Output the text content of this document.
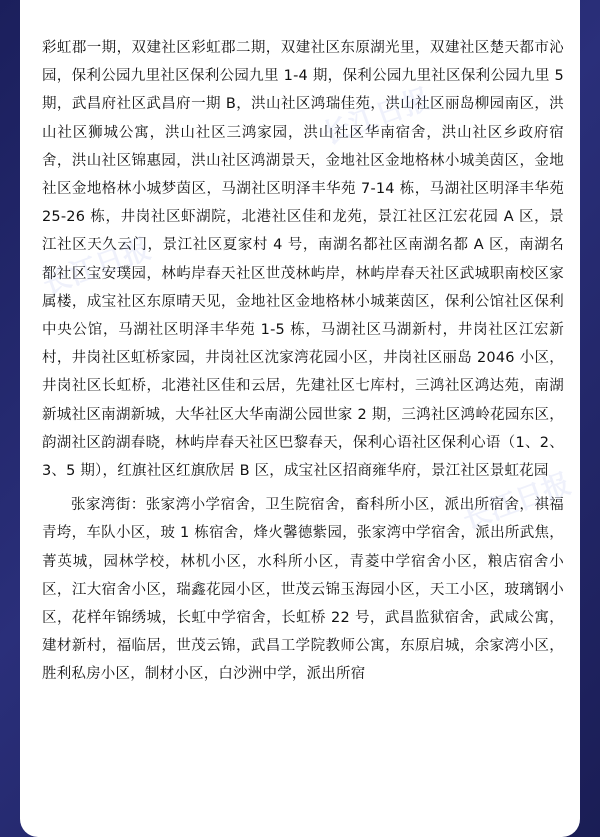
长江日报
长江日报
长江日报

彩虹郡一期，双建社区彩虹郡二期，双建社区东原湖光里，双建社区楚天都市沁园，保利公园九里社区保利公园九里 1-4 期，保利公园九里社区保利公园九里 5 期，武昌府社区武昌府一期 B，洪山社区鸿瑞佳苑，洪山社区丽岛柳园南区，洪山社区狮城公寓，洪山社区三鸿家园，洪山社区华南宿舍，洪山社区乡政府宿舍，洪山社区锦惠园，洪山社区鸿湖景天，金地社区金地格林小城美茵区，金地社区金地格林小城梦茵区，马湖社区明泽丰华苑 7-14 栋，马湖社区明泽丰华苑 25-26 栋，井岗社区虾湖院，北港社区佳和龙苑，景江社区江宏花园 A 区，景江社区天久云门，景江社区夏家村 4 号，南湖名都社区南湖名都 A 区，南湖名都社区宝安璞园，林屿岸春天社区世茂林屿岸，林屿岸春天社区武城职南校区家属楼，成宝社区东原晴天见，金地社区金地格林小城莱茵区，保利公馆社区保利中央公馆，马湖社区明泽丰华苑 1-5 栋，马湖社区马湖新村，井岗社区江宏新村，井岗社区虹桥家园，井岗社区沈家湾花园小区，井岗社区丽岛 2046 小区，井岗社区长虹桥，北港社区佳和云居，先建社区七库村，三鸿社区鸿达苑，南湖新城社区南湖新城，大华社区大华南湖公园世家 2 期，三鸿社区鸿岭花园东区，韵湖社区韵湖春晓，林屿岸春天社区巴黎春天，保利心语社区保利心语（1、2、3、5 期），红旗社区红旗欣居 B 区，成宝社区招商雍华府，景江社区景虹花园

张家湾街：张家湾小学宿舍，卫生院宿舍，畜科所小区，派出所宿舍，祺福青垮，车队小区，玻 1 栋宿舍，烽火馨德紫园，张家湾中学宿舍，派出所武焦，菁英城，园林学校，林机小区，水科所小区，青菱中学宿舍小区，粮店宿舍小区，江大宿舍小区，瑞鑫花园小区，世茂云锦玉海园小区，天工小区，玻璃钢小区，花样年锦绣城，长虹中学宿舍，长虹桥 22 号，武昌监狱宿舍，武咸公寓，建材新村，福临居，世茂云锦，武昌工学院教师公寓，东原启城，余家湾小区，胜利私房小区，制材小区，白沙洲中学，派出所宿
